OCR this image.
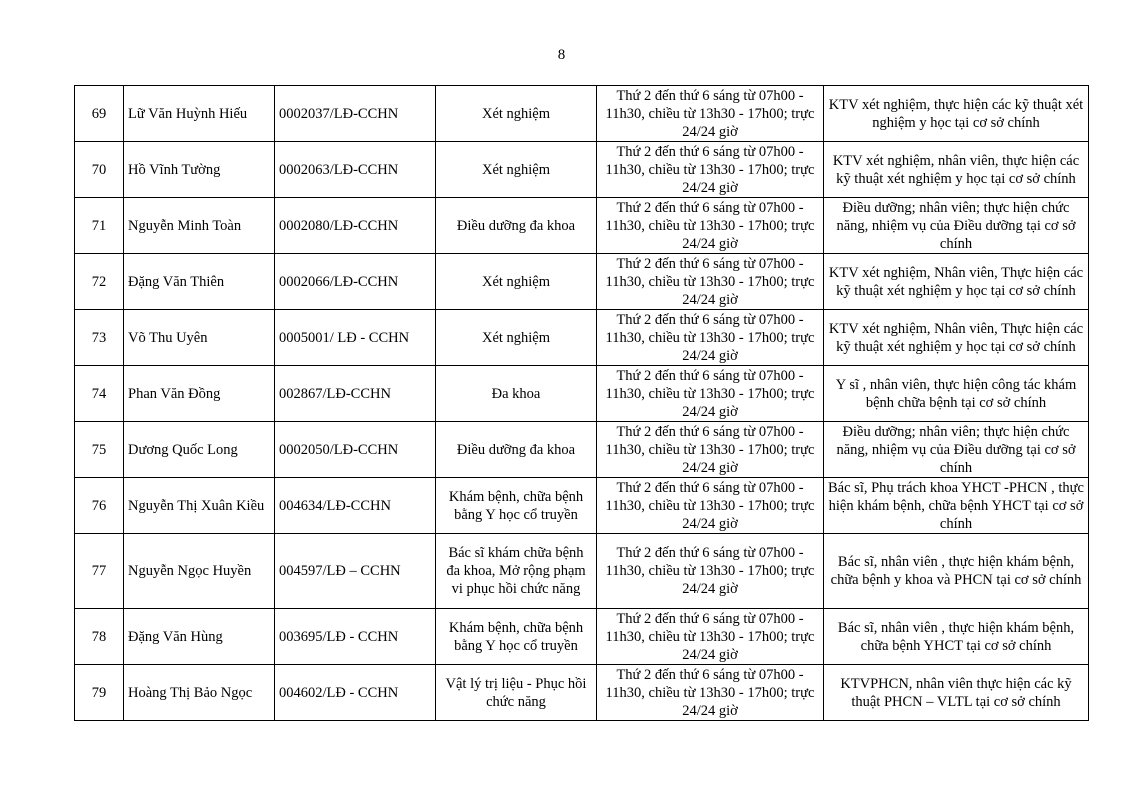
8
69	Lữ Văn Huỳnh Hiếu	0002037/LĐ-CCHN	Xét nghiệm	Thứ 2 đến thứ 6 sáng từ 07h00 - 11h30, chiều từ 13h30 - 17h00; trực 24/24 giờ	KTV xét nghiệm, thực hiện các kỹ thuật xét nghiệm y học tại cơ sở chính
70	Hồ Vĩnh Tường	0002063/LĐ-CCHN	Xét nghiệm	Thứ 2 đến thứ 6 sáng từ 07h00 - 11h30, chiều từ 13h30 - 17h00; trực 24/24 giờ	KTV xét nghiệm, nhân viên, thực hiện các kỹ thuật xét nghiệm y học tại cơ sở chính
71	Nguyễn Minh Toàn	0002080/LĐ-CCHN	Điều dưỡng đa khoa	Thứ 2 đến thứ 6 sáng từ 07h00 - 11h30, chiều từ 13h30 - 17h00; trực 24/24 giờ	Điều dưỡng; nhân viên; thực hiện chức năng, nhiệm vụ của Điều dưỡng tại cơ sở chính
72	Đặng Văn Thiên	0002066/LĐ-CCHN	Xét nghiệm	Thứ 2 đến thứ 6 sáng từ 07h00 - 11h30, chiều từ 13h30 - 17h00; trực 24/24 giờ	KTV xét nghiệm, Nhân viên, Thực hiện các kỹ thuật xét nghiệm y học tại cơ sở chính
73	Võ Thu Uyên	0005001/ LĐ - CCHN	Xét nghiệm	Thứ 2 đến thứ 6 sáng từ 07h00 - 11h30, chiều từ 13h30 - 17h00; trực 24/24 giờ	KTV xét nghiệm, Nhân viên, Thực hiện các kỹ thuật xét nghiệm y học tại cơ sở chính
74	Phan Văn Đồng	002867/LĐ-CCHN	Đa khoa	Thứ 2 đến thứ 6 sáng từ 07h00 - 11h30, chiều từ 13h30 - 17h00; trực 24/24 giờ	Y sĩ , nhân viên, thực hiện công tác khám bệnh chữa bệnh tại cơ sở chính
75	Dương Quốc Long	0002050/LĐ-CCHN	Điều dưỡng đa khoa	Thứ 2 đến thứ 6 sáng từ 07h00 - 11h30, chiều từ 13h30 - 17h00; trực 24/24 giờ	Điều dưỡng; nhân viên; thực hiện chức năng, nhiệm vụ của Điều dưỡng tại cơ sở chính
76	Nguyễn Thị Xuân Kiều	004634/LĐ-CCHN	Khám bệnh, chữa bệnh bằng Y học cổ truyền	Thứ 2 đến thứ 6 sáng từ 07h00 - 11h30, chiều từ 13h30 - 17h00; trực 24/24 giờ	Bác sĩ, Phụ trách khoa YHCT -PHCN , thực hiện khám bệnh, chữa bệnh YHCT tại cơ sở chính
77	Nguyễn Ngọc Huyền	004597/LĐ – CCHN	Bác sĩ khám chữa bệnh đa khoa, Mở rộng phạm vi phục hồi chức năng	Thứ 2 đến thứ 6 sáng từ 07h00 - 11h30, chiều từ 13h30 - 17h00; trực 24/24 giờ	Bác sĩ, nhân viên , thực hiện khám bệnh, chữa bệnh y khoa và PHCN tại cơ sở chính
78	Đặng Văn Hùng	003695/LĐ - CCHN	Khám bệnh, chữa bệnh bằng Y học cổ truyền	Thứ 2 đến thứ 6 sáng từ 07h00 - 11h30, chiều từ 13h30 - 17h00; trực 24/24 giờ	Bác sĩ, nhân viên , thực hiện khám bệnh, chữa bệnh YHCT tại cơ sở chính
79	Hoàng Thị Bảo Ngọc	004602/LĐ - CCHN	Vật lý trị liệu - Phục hồi chức năng	Thứ 2 đến thứ 6 sáng từ 07h00 - 11h30, chiều từ 13h30 - 17h00; trực 24/24 giờ	KTVPHCN, nhân viên thực hiện các kỹ thuật PHCN – VLTL tại cơ sở chính
